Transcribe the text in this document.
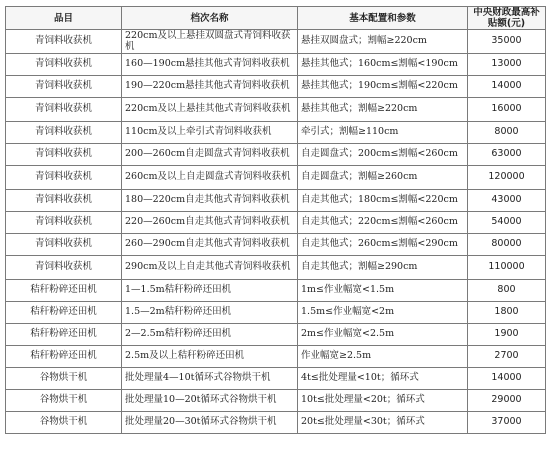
品目	档次名称	基本配置和参数	中央财政最高补贴额(元)
青饲料收获机	220cm及以上悬挂双圆盘式青饲料收获机	悬挂双圆盘式；割幅≥220cm	35000
青饲料收获机	160—190cm悬挂其他式青饲料收获机	悬挂其他式；160cm≤割幅<190cm	13000
青饲料收获机	190—220cm悬挂其他式青饲料收获机	悬挂其他式；190cm≤割幅<220cm	14000
青饲料收获机	220cm及以上悬挂其他式青饲料收获机	悬挂其他式；割幅≥220cm	16000
青饲料收获机	110cm及以上牵引式青饲料收获机	牵引式；割幅≥110cm	8000
青饲料收获机	200—260cm自走圆盘式青饲料收获机	自走圆盘式；200cm≤割幅<260cm	63000
青饲料收获机	260cm及以上自走圆盘式青饲料收获机	自走圆盘式；割幅≥260cm	120000
青饲料收获机	180—220cm自走其他式青饲料收获机	自走其他式；180cm≤割幅<220cm	43000
青饲料收获机	220—260cm自走其他式青饲料收获机	自走其他式；220cm≤割幅<260cm	54000
青饲料收获机	260—290cm自走其他式青饲料收获机	自走其他式；260cm≤割幅<290cm	80000
青饲料收获机	290cm及以上自走其他式青饲料收获机	自走其他式；割幅≥290cm	110000
秸秆粉碎还田机	1—1.5m秸秆粉碎还田机	1m≤作业幅宽<1.5m	800
秸秆粉碎还田机	1.5—2m秸秆粉碎还田机	1.5m≤作业幅宽<2m	1800
秸秆粉碎还田机	2—2.5m秸秆粉碎还田机	2m≤作业幅宽<2.5m	1900
秸秆粉碎还田机	2.5m及以上秸秆粉碎还田机	作业幅宽≥2.5m	2700
谷物烘干机	批处理量4—10t循环式谷物烘干机	4t≤批处理量<10t；循环式	14000
谷物烘干机	批处理量10—20t循环式谷物烘干机	10t≤批处理量<20t；循环式	29000
谷物烘干机	批处理量20—30t循环式谷物烘干机	20t≤批处理量<30t；循环式	37000
